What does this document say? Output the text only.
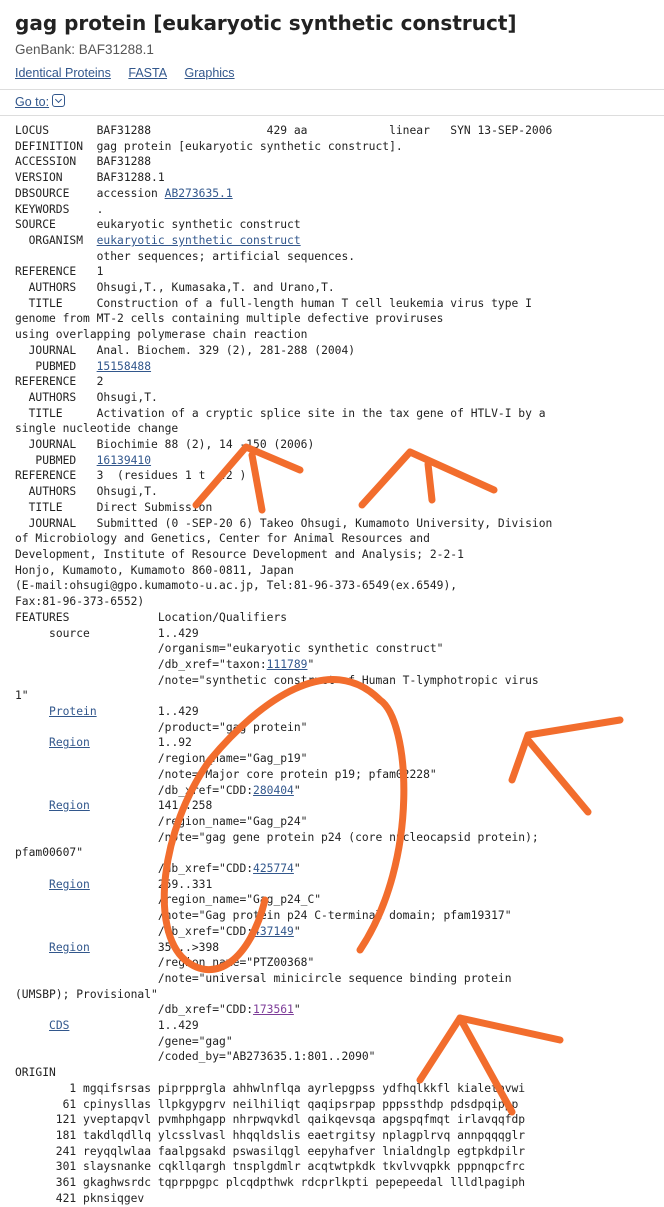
gag protein [eukaryotic synthetic construct]
GenBank: BAF31288.1
Identical Proteins FASTA Graphics
Go to:
LOCUS       BAF31288                 429 aa            linear   SYN 13-SEP-2006
DEFINITION  gag protein [eukaryotic synthetic construct].
ACCESSION   BAF31288
VERSION     BAF31288.1
DBSOURCE    accession AB273635.1
KEYWORDS    .
SOURCE      eukaryotic synthetic construct
ORGANISM  eukaryotic synthetic construct
other sequences; artificial sequences.
REFERENCE   1
AUTHORS   Ohsugi,T., Kumasaka,T. and Urano,T.
TITLE     Construction of a full-length human T cell leukemia virus type I
genome from MT-2 cells containing multiple defective proviruses
using overlapping polymerase chain reaction
JOURNAL   Anal. Biochem. 329 (2), 281-288 (2004)
PUBMED   15158488
REFERENCE   2
AUTHORS   Ohsugi,T.
TITLE     Activation of a cryptic splice site in the tax gene of HTLV-I by a
single nucleotide change
JOURNAL   Biochimie 88 (2), 14 -150 (2006)
PUBMED   16139410
REFERENCE   3  (residues 1 t  42 )
AUTHORS   Ohsugi,T.
TITLE     Direct Submission
JOURNAL   Submitted (0 -SEP-20 6) Takeo Ohsugi, Kumamoto University, Division
of Microbiology and Genetics, Center for Animal Resources and
Development, Institute of Resource Development and Analysis; 2-2-1
Honjo, Kumamoto, Kumamoto 860-0811, Japan
(E-mail:ohsugi@gpo.kumamoto-u.ac.jp, Tel:81-96-373-6549(ex.6549),
Fax:81-96-373-6552)
FEATURES             Location/Qualifiers
source	1..429
/organism="eukaryotic synthetic construct"
/db_xref="taxon:111789"
/note="synthetic construct of Human T-lymphotropic virus
1"
Protein	1..429
/product="gag protein"
Region	1..92
/region_name="Gag_p19"
/note="Major core protein p19; pfam02228"
/db_xref="CDD:280404"
Region	141..258
/region_name="Gag_p24"
/note="gag gene protein p24 (core nucleocapsid protein);
pfam00607"
/db_xref="CDD:425774"
Region	259..331
/region_name="Gag_p24_C"
/note="Gag protein p24 C-terminal domain; pfam19317"
/db_xref="CDD:437149"
Region	35 ..>398
/region_name="PTZ00368"
/note="universal minicircle sequence binding protein
(UMSBP); Provisional"
/db_xref="CDD:173561"
CDS	1..429
/gene="gag"
/coded_by="AB273635.1:801..2090"
ORIGIN
1 mgqifsrsas piprpprgla ahhwlnflqa ayrlepgpss ydfhqlkkfl kialetpvwi
61 cpinysllas llpkgypgrv neilhiliqt qaqipsrpap pppssthdp pdsdpqippp
121 yveptapqvl pvmhphgapp nhrpwqvkdl qaikqevsqa apgspqfmqt irlavqqfdp
181 takdlqdllq ylcsslvasl hhqqldslis eaetrgitsy nplagplrvq annpqqqglr
241 reyqqlwlaa faalpgsakd pswasilqgl eepyhafver lnialdnglp egtpkdpilr
301 slaysnanke cqkllqargh tnsplgdmlr acqtwtpkdk tkvlvvqpkk pppnqpcfrc
361 gkaghwsrdc tqprppgpc plcqdpthwk rdcprlkpti pepepeedal llldlpagiph
421 pknsiqgev
